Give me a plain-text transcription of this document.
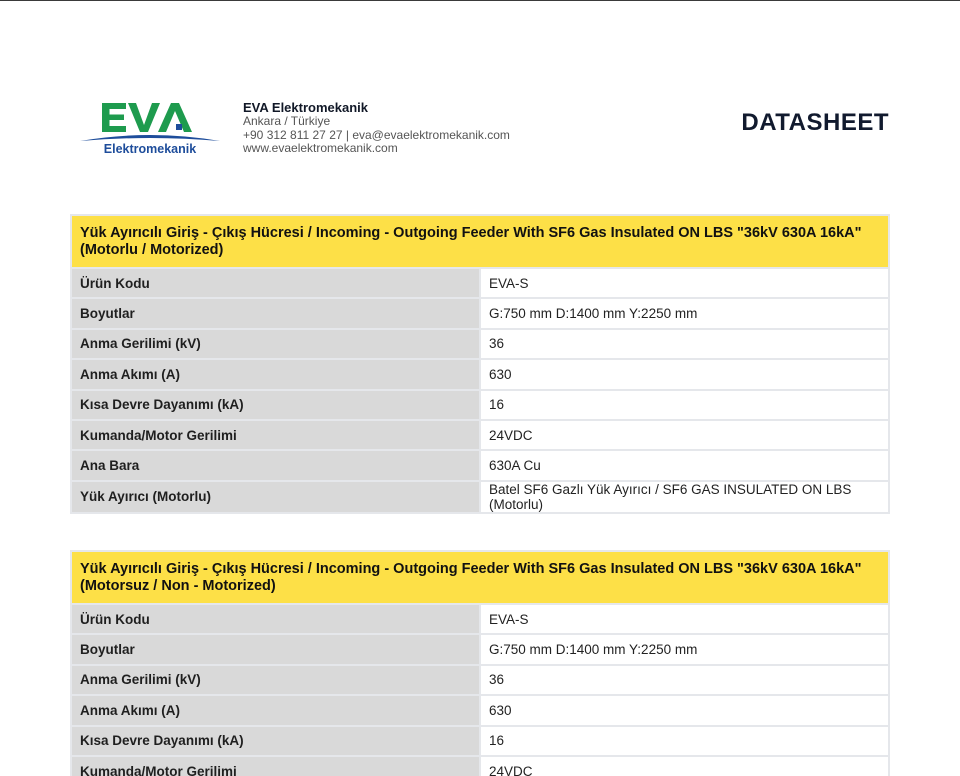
Elektromekanik
EVA Elektromekanik
Ankara / Türkiye
+90 312 811 27 27 | eva@evaelektromekanik.com
www.evaelektromekanik.com
DATASHEET
Yük Ayırıcılı Giriş - Çıkış Hücresi / Incoming - Outgoing Feeder With SF6 Gas Insulated ON LBS "36kV 630A 16kA" (Motorlu / Motorized)	
Ürün Kodu	EVA-S
Boyutlar	G:750 mm D:1400 mm Y:2250 mm
Anma Gerilimi (kV)	36
Anma Akımı (A)	630
Kısa Devre Dayanımı (kA)	16
Kumanda/Motor Gerilimi	24VDC
Ana Bara	630A Cu
Yük Ayırıcı (Motorlu)	Batel SF6 Gazlı Yük Ayırıcı / SF6 GAS INSULATED ON LBS (Motorlu)
Yük Ayırıcılı Giriş - Çıkış Hücresi / Incoming - Outgoing Feeder With SF6 Gas Insulated ON LBS "36kV 630A 16kA" (Motorsuz / Non - Motorized)	
Ürün Kodu	EVA-S
Boyutlar	G:750 mm D:1400 mm Y:2250 mm
Anma Gerilimi (kV)	36
Anma Akımı (A)	630
Kısa Devre Dayanımı (kA)	16
Kumanda/Motor Gerilimi	24VDC
